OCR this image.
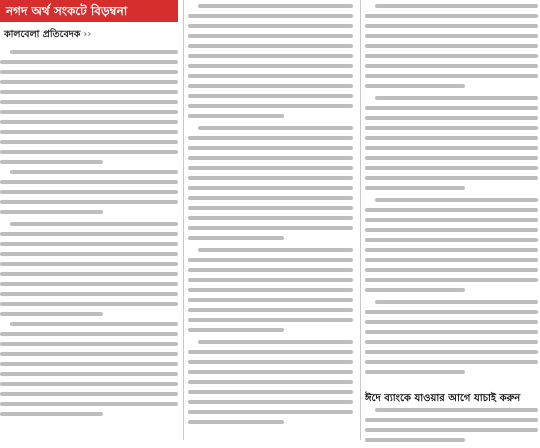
নগদ অর্থ সংকটে বিড়ম্বনা
কালবেলা প্রতিবেদক ››
ঈদে ব্যাংকে যাওয়ার আগে যাচাই করুন
